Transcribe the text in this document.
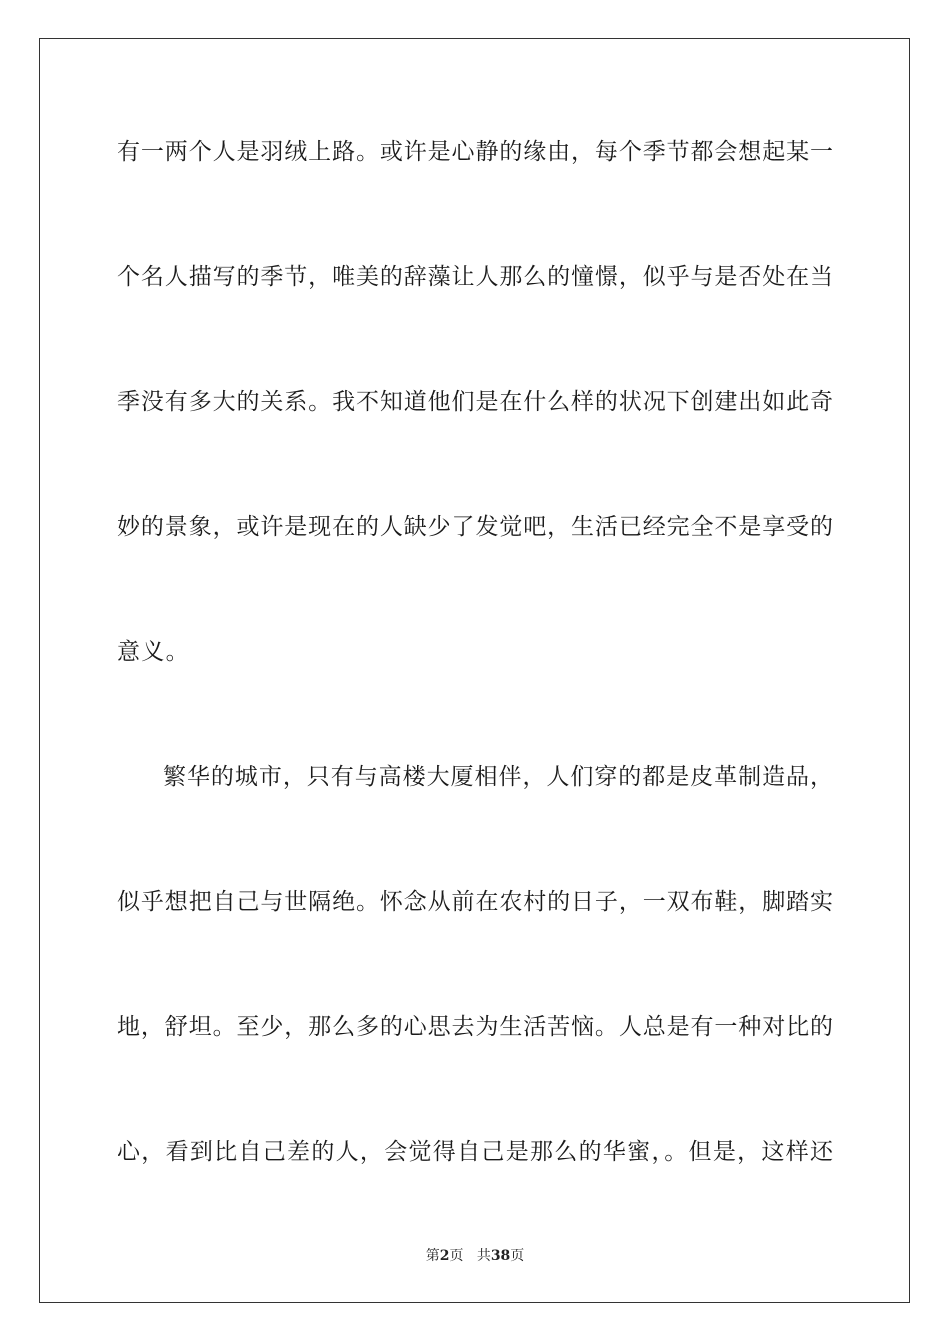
有一两个人是羽绒上路。或许是心静的缘由，每个季节都会想起某一
个名人描写的季节，唯美的辞藻让人那么的憧憬，似乎与是否处在当
季没有多大的关系。我不知道他们是在什么样的状况下创建出如此奇
妙的景象，或许是现在的人缺少了发觉吧，生活已经完全不是享受的
意义。
繁华的城市，只有与高楼大厦相伴，人们穿的都是皮革制造品，
似乎想把自己与世隔绝。怀念从前在农村的日子，一双布鞋，脚踏实
地，舒坦。至少，那么多的心思去为生活苦恼。人总是有一种对比的
心，看到比自己差的人，会觉得自己是那么的华蜜，。但是，这样还
第2页 共38页
